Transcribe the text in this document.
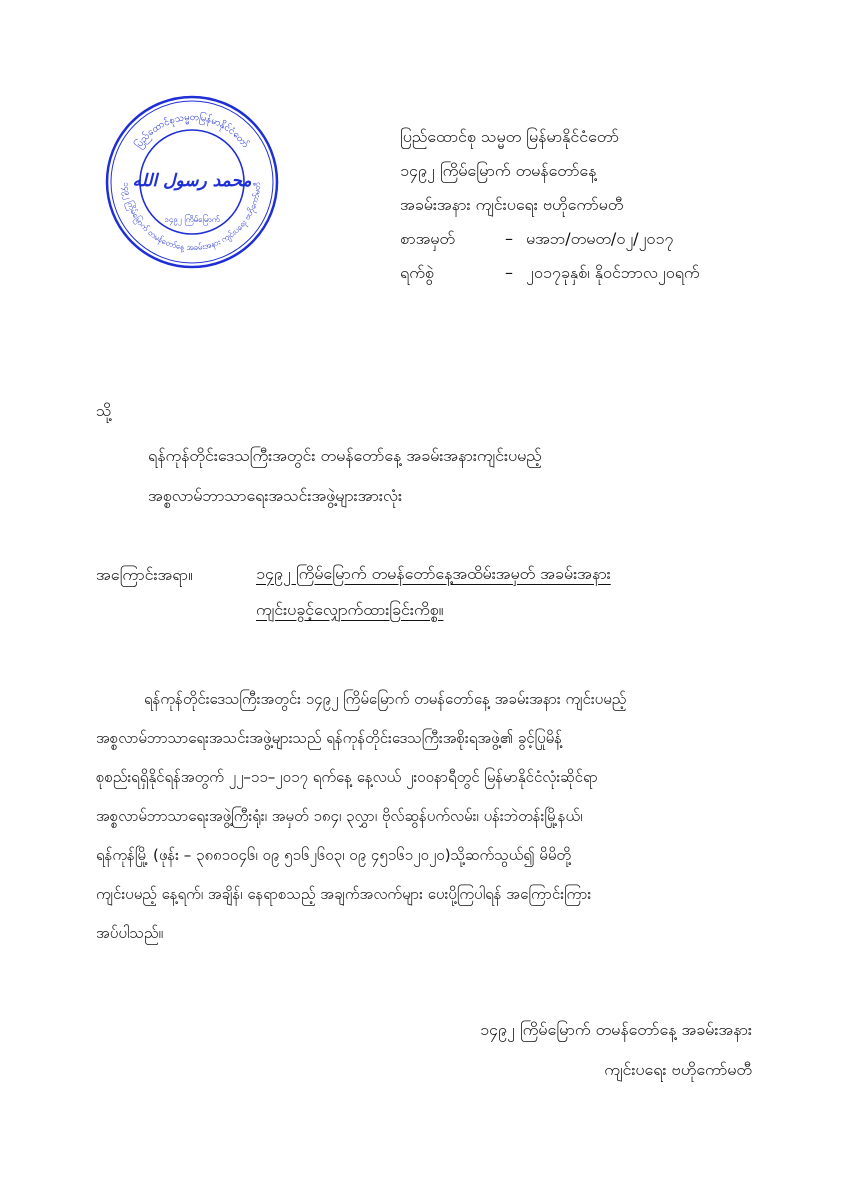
ပြည်ထောင်စုသမ္မတမြန်မာနိုင်ငံတော်
၁၄၉၂ ကြိမ်မြောက် တမန်တော်နေ့ အခမ်းအနား ကျင်းပရေး ဗဟိုကော်မတီ
محمد رسول الله
၁၄၉၂ ကြိမ်မြောက်
ပြည်ထောင်စု သမ္မတ မြန်မာနိုင်ငံတော်
၁၄၉၂ ကြိမ်မြောက် တမန်တော်နေ့
အခမ်းအနား ကျင်းပရေး ဗဟိုကော်မတီ
စာအမှတ်	– မအဘ/တမတ/၀၂/၂၀၁၇
ရက်စွဲ	– ၂၀၁၇ခုနှစ်၊ နိုဝင်ဘာလ၂၀ရက်
သို့
ရန်ကုန်တိုင်းဒေသကြီးအတွင်း တမန်တော်နေ့ အခမ်းအနားကျင်းပမည့်
အစ္စလာမ်ဘာသာရေးအသင်းအဖွဲ့များအားလုံး
အကြောင်းအရာ။	၁၄၉၂ ကြိမ်မြောက် တမန်တော်နေ့အထိမ်းအမှတ် အခမ်းအနား
ကျင်းပခွင့်လျှောက်ထားခြင်းကိစ္စ။
ရန်ကုန်တိုင်းဒေသကြီးအတွင်း ၁၄၉၂ ကြိမ်မြောက် တမန်တော်နေ့ အခမ်းအနား ကျင်းပမည့်
အစ္စလာမ်ဘာသာရေးအသင်းအဖွဲ့များသည် ရန်ကုန်တိုင်းဒေသကြီးအစိုးရအဖွဲ့၏ ခွင့်ပြုမိန့်
စုစည်းရရှိနိုင်ရန်အတွက် ၂၂–၁၁–၂၀၁၇ ရက်နေ့ နေ့လယ် ၂း၀၀နာရီတွင် မြန်မာနိုင်ငံလုံးဆိုင်ရာ
အစ္စလာမ်ဘာသာရေးအဖွဲ့ကြီးရုံး၊ အမှတ် ၁၈၄၊ ၃လွှာ၊ ဗိုလ်ဆွန်ပက်လမ်း၊ ပန်းဘဲတန်းမြို့နယ်၊
ရန်ကုန်မြို့ (ဖုန်း – ၃၈၈၁၀၄၆၊ ၀၉ ၅၁၆၂၆၀၃၊ ၀၉ ၄၅၁၆၁၂၀၂၀)သို့ဆက်သွယ်၍ မိမိတို့
ကျင်းပမည့် နေ့ရက်၊ အချိန်၊ နေရာစသည့် အချက်အလက်များ ပေးပို့ကြပါရန် အကြောင်းကြား
အပ်ပါသည်။
၁၄၉၂ ကြိမ်မြောက် တမန်တော်နေ့ အခမ်းအနား
ကျင်းပရေး ဗဟိုကော်မတီ
